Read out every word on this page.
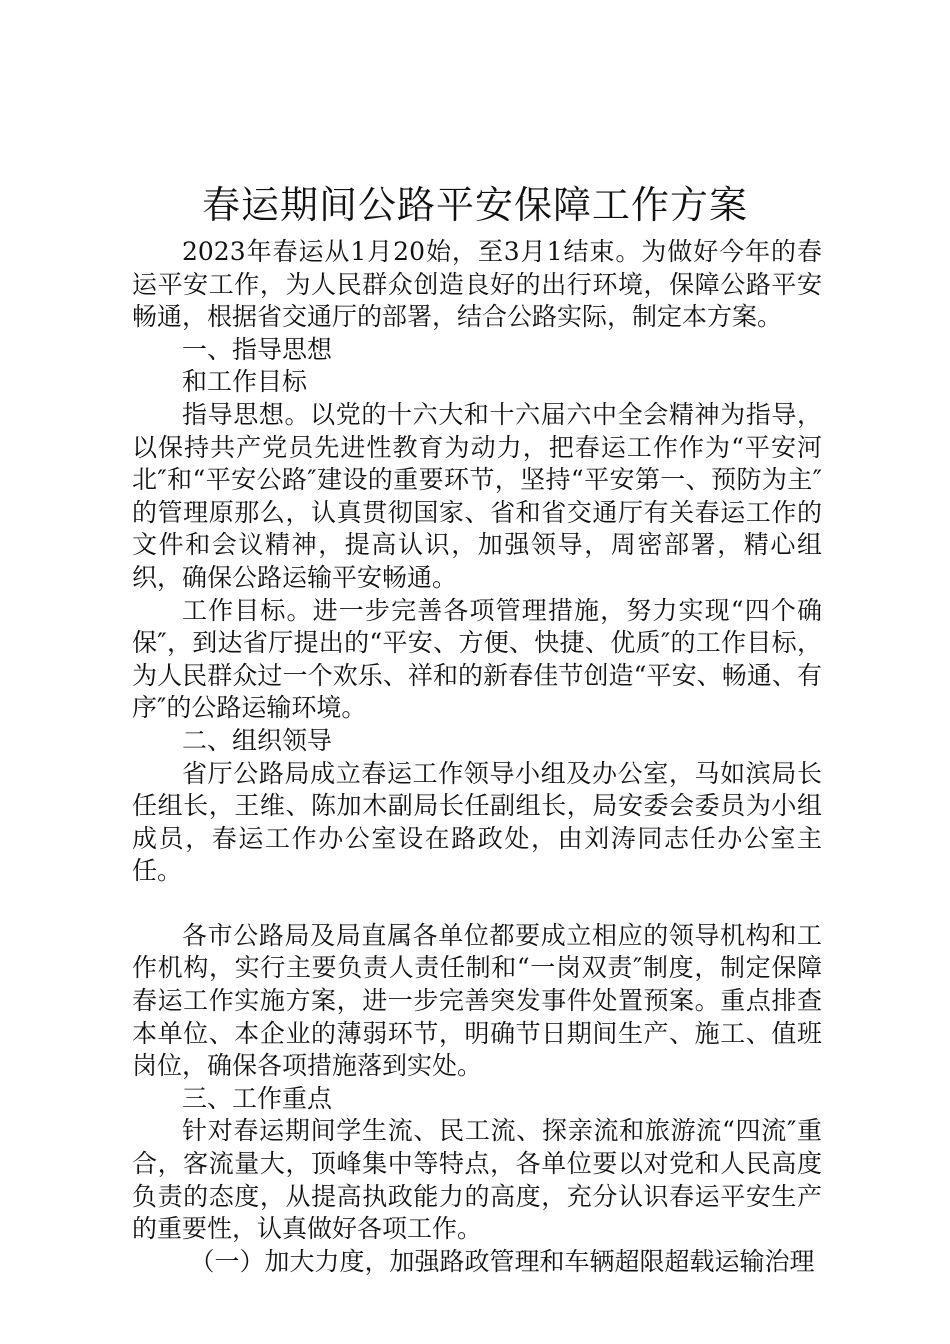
春运期间公路平安保障工作方案

2023年春运从1月20始，至3月1结束。为做好今年的春运平安工作，为人民群众创造良好的出行环境，保障公路平安畅通，根据省交通厅的部署，结合公路实际，制定本方案。

一、指导思想

和工作目标

指导思想。以党的十六大和十六届六中全会精神为指导，以保持共产党员先进性教育为动力，把春运工作作为“平安河北″和“平安公路″建设的重要环节，坚持“平安第一、预防为主″的管理原那么，认真贯彻国家、省和省交通厅有关春运工作的文件和会议精神，提高认识，加强领导，周密部署，精心组织，确保公路运输平安畅通。

工作目标。进一步完善各项管理措施，努力实现“四个确保″，到达省厅提出的“平安、方便、快捷、优质″的工作目标，为人民群众过一个欢乐、祥和的新春佳节创造“平安、畅通、有序″的公路运输环境。

二、组织领导

省厅公路局成立春运工作领导小组及办公室，马如滨局长任组长，王维、陈加木副局长任副组长，局安委会委员为小组成员，春运工作办公室设在路政处，由刘涛同志任办公室主任。

各市公路局及局直属各单位都要成立相应的领导机构和工作机构，实行主要负责人责任制和“一岗双责″制度，制定保障春运工作实施方案，进一步完善突发事件处置预案。重点排查本单位、本企业的薄弱环节，明确节日期间生产、施工、值班岗位，确保各项措施落到实处。

三、工作重点

针对春运期间学生流、民工流、探亲流和旅游流“四流″重合，客流量大，顶峰集中等特点，各单位要以对党和人民高度负责的态度，从提高执政能力的高度，充分认识春运平安生产的重要性，认真做好各项工作。

（一）加大力度，加强路政管理和车辆超限超载运输治理
